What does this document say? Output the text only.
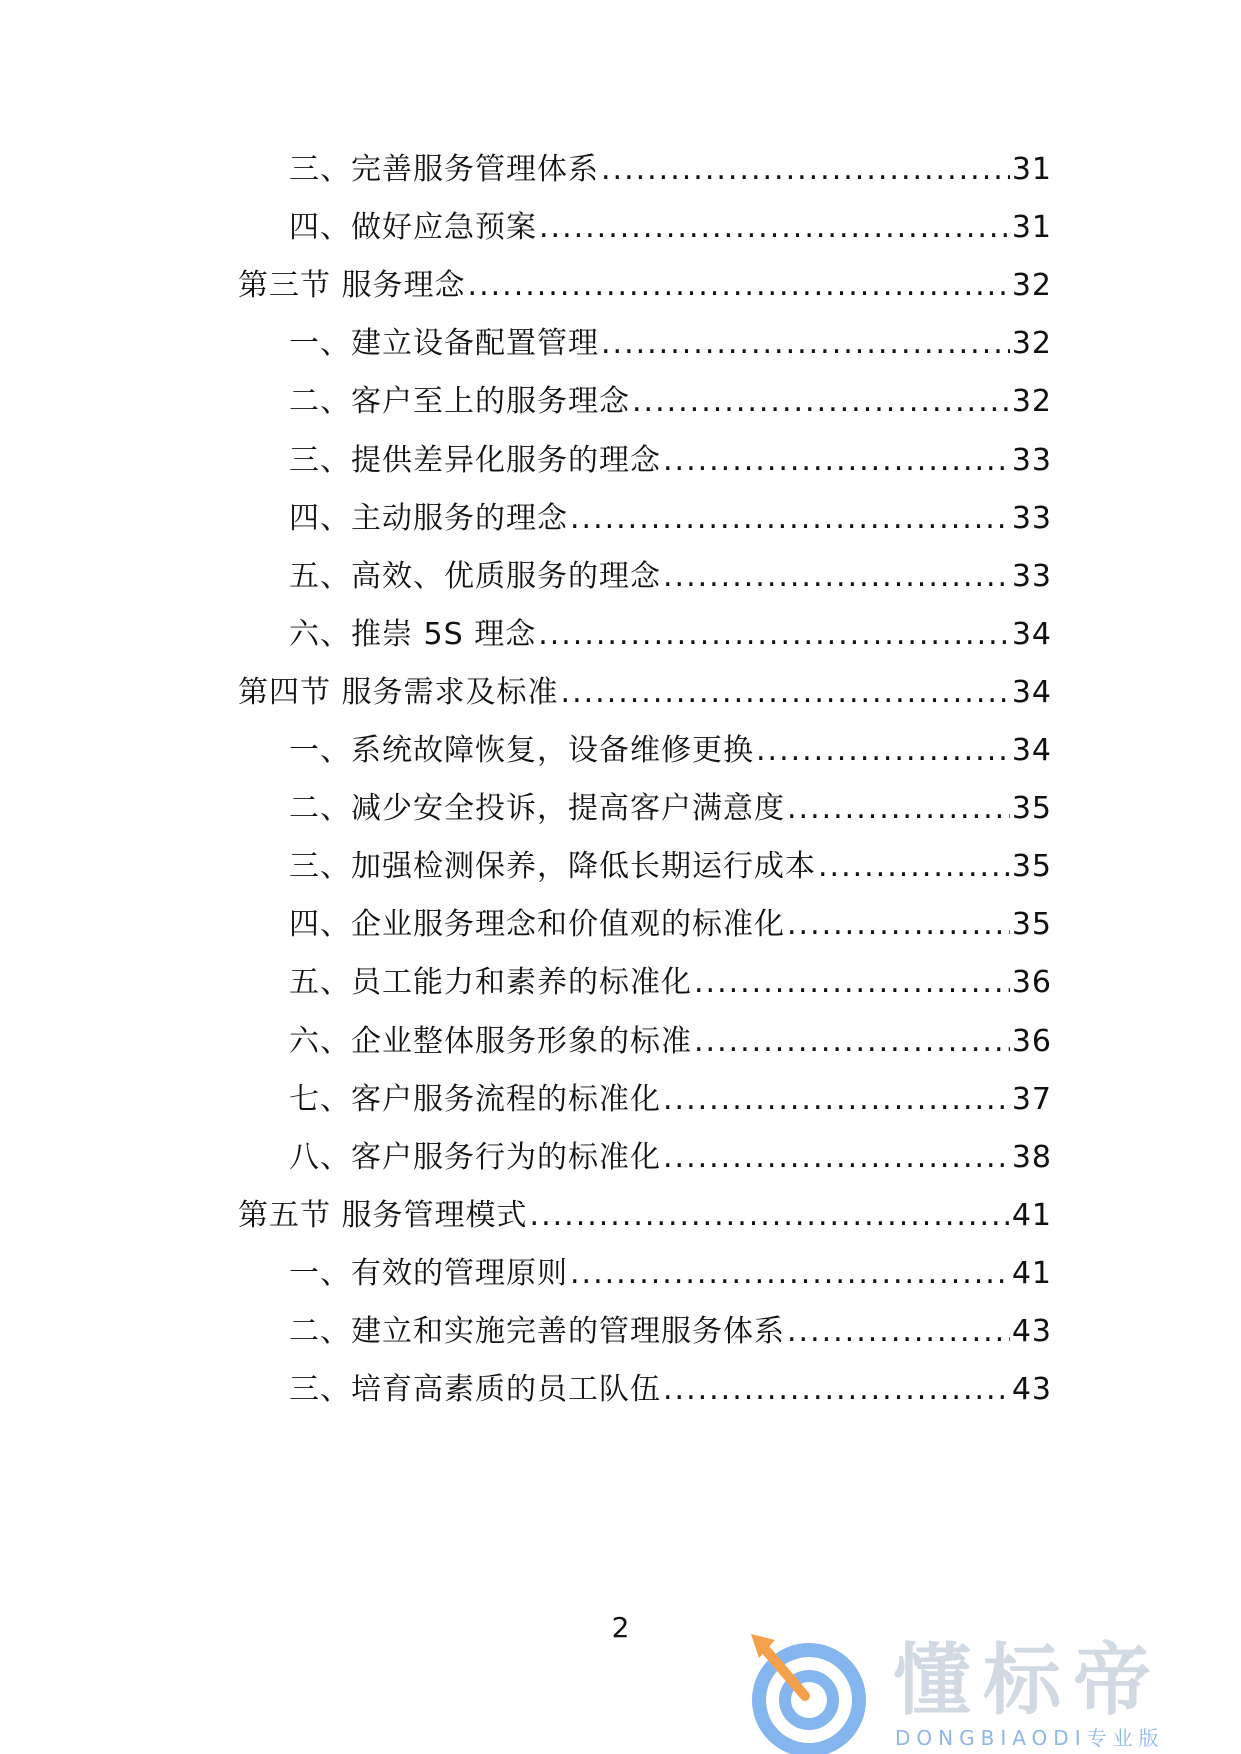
三、完善服务管理体系 .....	31
四、做好应急预案 .....	31
第三节 服务理念 .....	32
一、建立设备配置管理 .....	32
二、客户至上的服务理念 .....	32
三、提供差异化服务的理念 .....	33
四、主动服务的理念 .....	33
五、高效、优质服务的理念 .....	33
六、推崇 5S 理念 .....	34
第四节 服务需求及标准 .....	34
一、系统故障恢复，设备维修更换 .....	34
二、减少安全投诉，提高客户满意度 .....	35
三、加强检测保养，降低长期运行成本 .....	35
四、企业服务理念和价值观的标准化 .....	35
五、员工能力和素养的标准化 .....	36
六、企业整体服务形象的标准 .....	36
七、客户服务流程的标准化 .....	37
八、客户服务行为的标准化 .....	38
第五节 服务管理模式 .....	41
一、有效的管理原则 .....	41
二、建立和实施完善的管理服务体系 .....	43
三、培育高素质的员工队伍 .....	43
2
懂标帝
DONGBIAODI专业版
